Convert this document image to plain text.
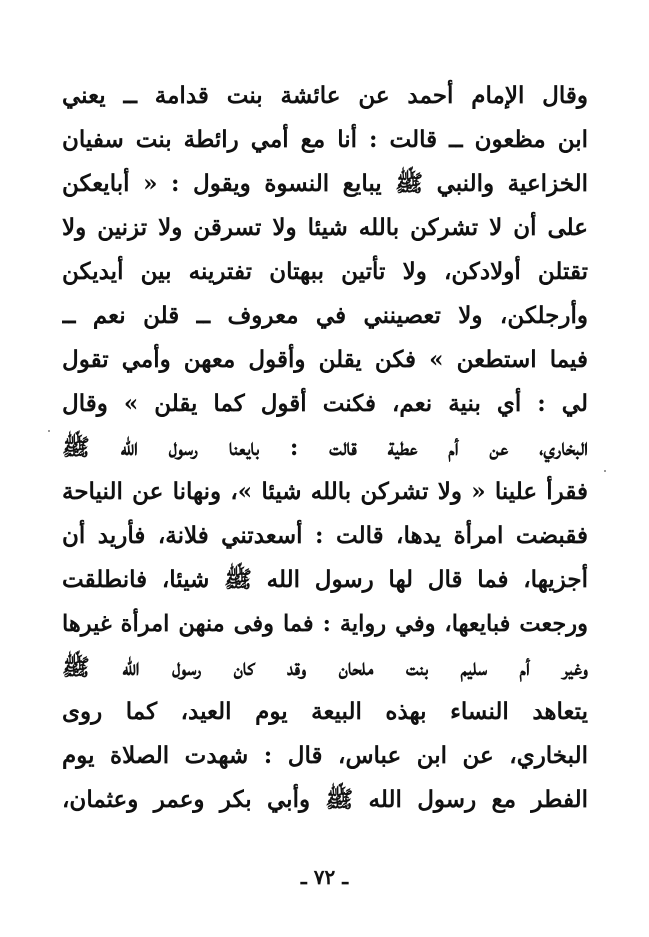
وقال الإمام أحمد عن عائشة بنت قدامة ــ يعني
ابن مظعون ــ قالت : أنا مع أمي رائطة بنت سفيان
الخزاعية والنبي ﷺ يبايع النسوة ويقول : « أبايعكن
على أن لا تشركن بالله شيئا ولا تسرقن ولا تزنين ولا
تقتلن أولادكن، ولا تأتين ببهتان تفترينه بين أيديكن
وأرجلكن، ولا تعصينني في معروف ــ قلن نعم ــ
فيما استطعن » فكن يقلن وأقول معهن وأمي تقول
لي : أي بنية نعم، فكنت أقول كما يقلن » وقال
البخاري، عن أم عطية قالت : بايعنا رسول الله ﷺ
فقرأ علينا « ولا تشركن بالله شيئا »، ونهانا عن النياحة
فقبضت امرأة يدها، قالت : أسعدتني فلانة، فأريد أن
أجزيها، فما قال لها رسول الله ﷺ شيئا، فانطلقت
ورجعت فبايعها، وفي رواية : فما وفى منهن امرأة غيرها
وغير أم سليم بنت ملحان وقد كان رسول الله ﷺ
يتعاهد النساء بهذه البيعة يوم العيد، كما روى
البخاري، عن ابن عباس، قال : شهدت الصلاة يوم
الفطر مع رسول الله ﷺ وأبي بكر وعمر وعثمان،
ـ ٧٢ ـ
